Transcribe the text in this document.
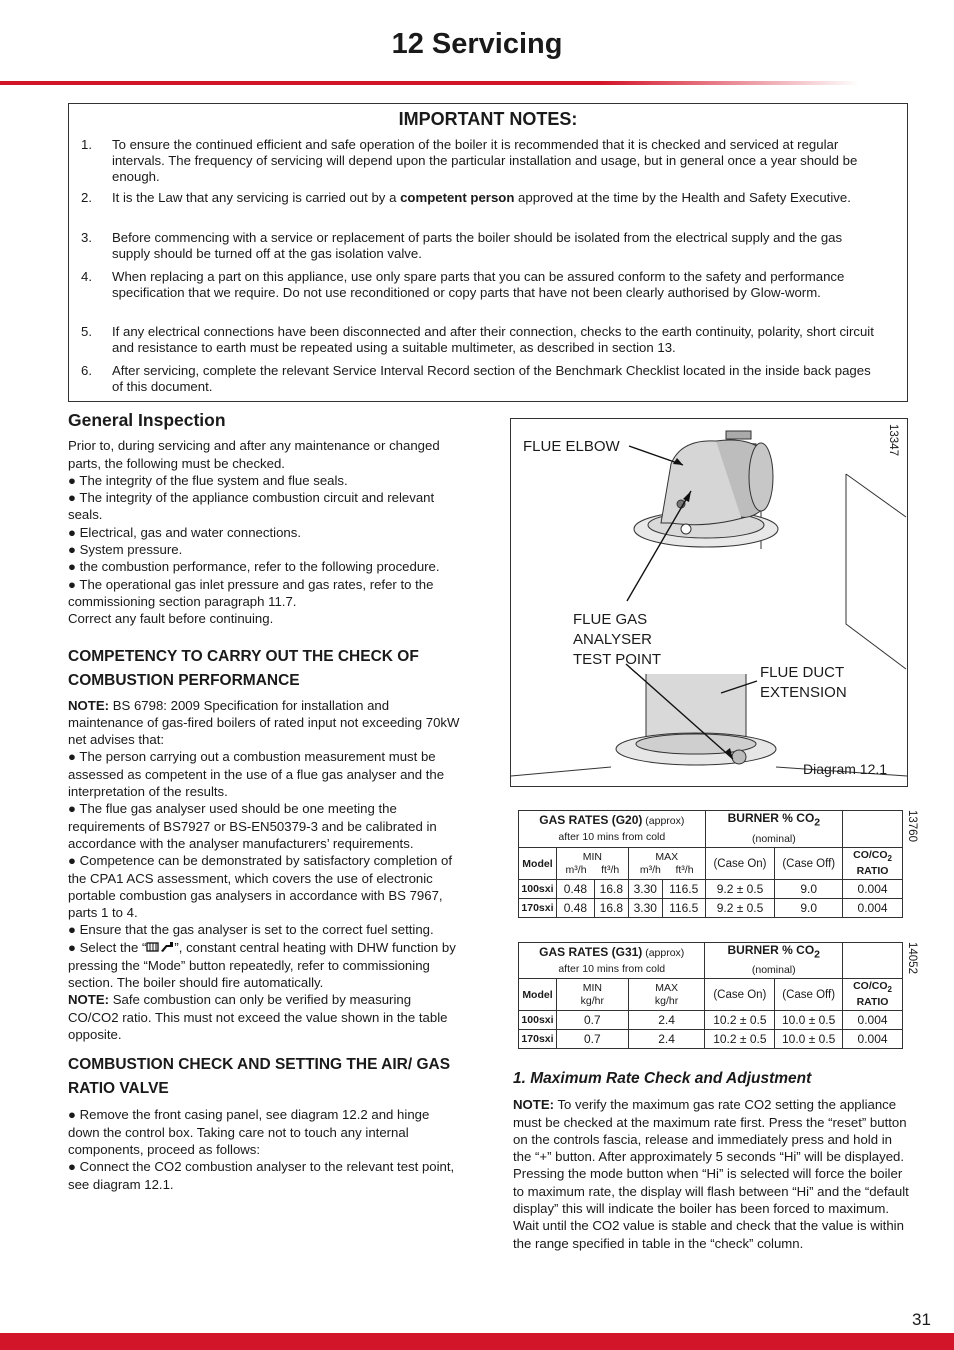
12 Servicing
IMPORTANT NOTES:
1. To ensure the continued efficient and safe operation of the boiler it is recommended that it is checked and serviced at regular intervals. The frequency of servicing will depend upon the particular installation and usage, but in general once a year should be enough.
2. It is the Law that any servicing is carried out by a competent person approved at the time by the Health and Safety Executive.
3. Before commencing with a service or replacement of parts the boiler should be isolated from the electrical supply and the gas supply should be turned off at the gas isolation valve.
4. When replacing a part on this appliance, use only spare parts that you can be assured conform to the safety and performance specification that we require. Do not use reconditioned or copy parts that have not been clearly authorised by Glow-worm.
5. If any electrical connections have been disconnected and after their connection, checks to the earth continuity, polarity, short circuit and resistance to earth must be repeated using a suitable multimeter, as described in section 13.
6. After servicing, complete the relevant Service Interval Record section of the Benchmark Checklist located in the inside back pages of this document.
General Inspection
Prior to, during servicing and after any maintenance or changed parts, the following must be checked.
● The integrity of the flue system and flue seals.
● The integrity of the appliance combustion circuit and relevant seals.
● Electrical, gas and water connections.
● System pressure.
● the combustion performance, refer to the following procedure.
● The operational gas inlet pressure and gas rates, refer to the commissioning section paragraph 11.7.
Correct any fault before continuing.
COMPETENCY TO CARRY OUT THE CHECK OF COMBUSTION PERFORMANCE
NOTE: BS 6798: 2009 Specification for installation and maintenance of gas-fired boilers of rated input not exceeding 70kW net advises that:
● The person carrying out a combustion measurement must be assessed as competent in the use of a flue gas analyser and the interpretation of the results.
● The flue gas analyser used should be one meeting the requirements of BS7927 or BS-EN50379-3 and be calibrated in accordance with the analyser manufacturers’ requirements.
● Competence can be demonstrated by satisfactory completion of the CPA1 ACS assessment, which covers the use of electronic portable combustion gas analysers in accordance with BS 7967, parts 1 to 4.
● Ensure that the gas analyser is set to the correct fuel setting.
● Select the “ ”, constant central heating with DHW function by pressing the “Mode” button repeatedly, refer to commissioning section. The boiler should fire automatically.
NOTE: Safe combustion can only be verified by measuring CO/CO2 ratio. This must not exceed the value shown in the table opposite.
COMBUSTION CHECK AND SETTING THE AIR/ GAS RATIO VALVE
● Remove the front casing panel, see diagram 12.2 and hinge down the control box. Taking care not to touch any internal components, proceed as follows:
● Connect the CO2 combustion analyser to the relevant test point, see diagram 12.1.
FLUE ELBOW
FLUE GAS
ANALYSER
TEST POINT
FLUE DUCT
EXTENSION
Diagram 12.1
13347
GAS RATES (G20) (approx)
after 10 mins from cold					BURNER % $CO_2$
(nominal)		
Model	MIN
m³/h ft³/h		MAX
m³/h ft³/h		(Case On)	(Case Off)	$CO/CO_2$
RATIO
100sxi	0.48	16.8	3.30	116.5	9.2 ± 0.5	9.0	0.004
170sxi	0.48	16.8	3.30	116.5	9.2 ± 0.5	9.0	0.004
13760
GAS RATES (G31) (approx)
after 10 mins from cold			BURNER % $CO_2$
(nominal)		
Model	MIN
kg/hr	MAX
kg/hr	(Case On)	(Case Off)	$CO/CO_2$
RATIO
100sxi	0.7	2.4	10.2 ± 0.5	10.0 ± 0.5	0.004
170sxi	0.7	2.4	10.2 ± 0.5	10.0 ± 0.5	0.004
14052
1. Maximum Rate Check and Adjustment
NOTE: To verify the maximum gas rate CO2 setting the appliance must be checked at the maximum rate first. Press the “reset” button on the controls fascia, release and immediately press and hold in the “+” button. After approximately 5 seconds “Hi” will be displayed. Pressing the mode button when “Hi” is selected will force the boiler to maximum rate, the display will flash between “Hi” and the “default display” this will indicate the boiler has been forced to maximum. Wait until the CO2 value is stable and check that the value is within the range specified in table in the “check” column.
31
